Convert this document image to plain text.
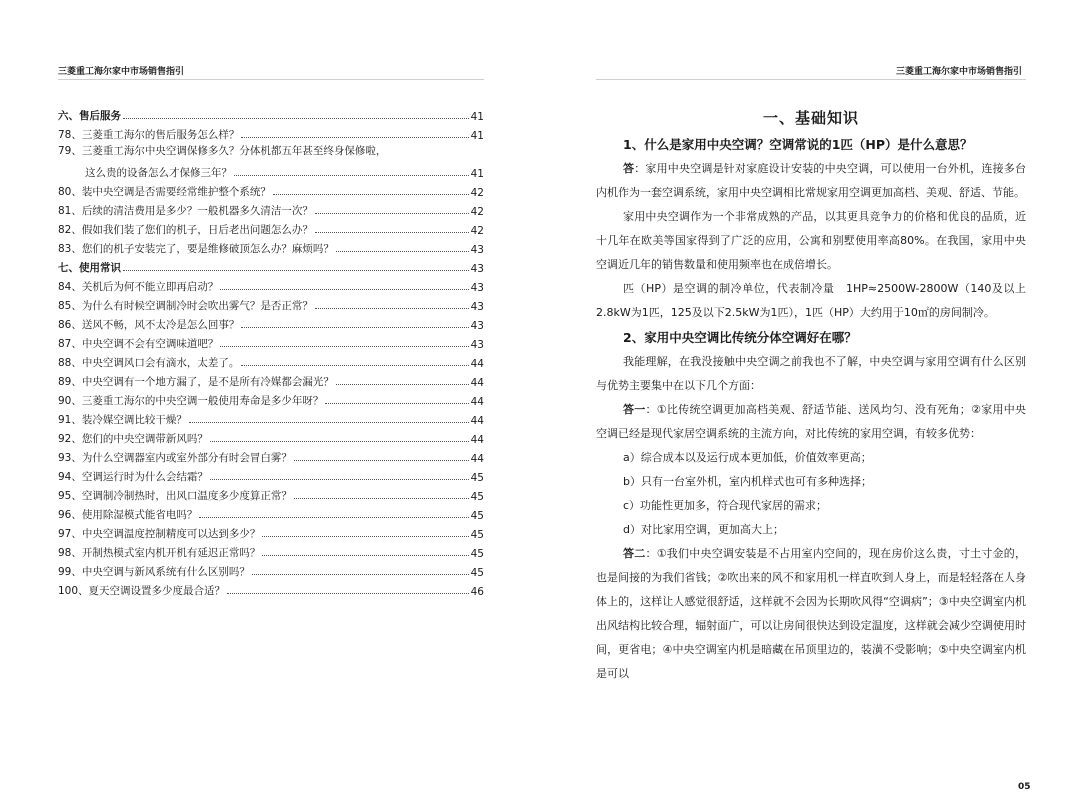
三菱重工海尔家中市场销售指引
六、售后服务	41
78、三菱重工海尔的售后服务怎么样？	41
79、三菱重工海尔中央空调保修多久？分体机都五年甚至终身保修啦，
这么贵的设备怎么才保修三年？	41
80、装中央空调是否需要经常维护整个系统？	42
81、后续的清洁费用是多少？一般机器多久清洁一次？	42
82、假如我们装了您们的机子，日后老出问题怎么办？	42
83、您们的机子安装完了，要是维修破顶怎么办？麻烦吗？	43
七、使用常识	43
84、关机后为何不能立即再启动？	43
85、为什么有时候空调制冷时会吹出雾气？是否正常？	43
86、送风不畅，风不太冷是怎么回事？	43
87、中央空调不会有空调味道吧？	43
88、中央空调风口会有滴水，太差了。	44
89、中央空调有一个地方漏了，是不是所有冷媒都会漏光？	44
90、三菱重工海尔的中央空调一般使用寿命是多少年呀？	44
91、装冷媒空调比较干燥？	44
92、您们的中央空调带新风吗？	44
93、为什么空调器室内或室外部分有时会冒白雾？	44
94、空调运行时为什么会结霜？	45
95、空调制冷制热时，出风口温度多少度算正常？	45
96、使用除湿模式能省电吗？	45
97、中央空调温度控制精度可以达到多少？	45
98、开制热模式室内机开机有延迟正常吗？	45
99、中央空调与新风系统有什么区别吗？	45
100、夏天空调设置多少度最合适？	46
三菱重工海尔家中市场销售指引
一、基础知识
1、什么是家用中央空调？空调常说的1匹（HP）是什么意思？
答：家用中央空调是针对家庭设计安装的中央空调，可以使用一台外机，连接多台内机作为一套空调系统，家用中央空调相比常规家用空调更加高档、美观、舒适、节能。
家用中央空调作为一个非常成熟的产品，以其更具竞争力的价格和优良的品质，近十几年在欧美等国家得到了广泛的应用，公寓和别墅使用率高80%。在我国，家用中央空调近几年的销售数量和使用频率也在成倍增长。
匹（HP）是空调的制冷单位，代表制冷量　1HP≈2500W-2800W（140及以上2.8kW为1匹，125及以下2.5kW为1匹），1匹（HP）大约用于10㎡的房间制冷。
2、家用中央空调比传统分体空调好在哪？
我能理解，在我没接触中央空调之前我也不了解，中央空调与家用空调有什么区别与优势主要集中在以下几个方面：
答一：①比传统空调更加高档美观、舒适节能、送风均匀、没有死角；②家用中央空调已经是现代家居空调系统的主流方向，对比传统的家用空调，有较多优势：
a）综合成本以及运行成本更加低，价值效率更高；
b）只有一台室外机，室内机样式也可有多种选择；
c）功能性更加多，符合现代家居的需求；
d）对比家用空调，更加高大上；
答二：①我们中央空调安装是不占用室内空间的，现在房价这么贵，寸土寸金的，也是间接的为我们省钱；②吹出来的风不和家用机一样直吹到人身上，而是轻轻落在人身体上的，这样让人感觉很舒适，这样就不会因为长期吹风得“空调病”；③中央空调室内机出风结构比较合理，辐射面广，可以让房间很快达到设定温度，这样就会减少空调使用时间，更省电；④中央空调室内机是暗藏在吊顶里边的，装潢不受影响；⑤中央空调室内机是可以
05
